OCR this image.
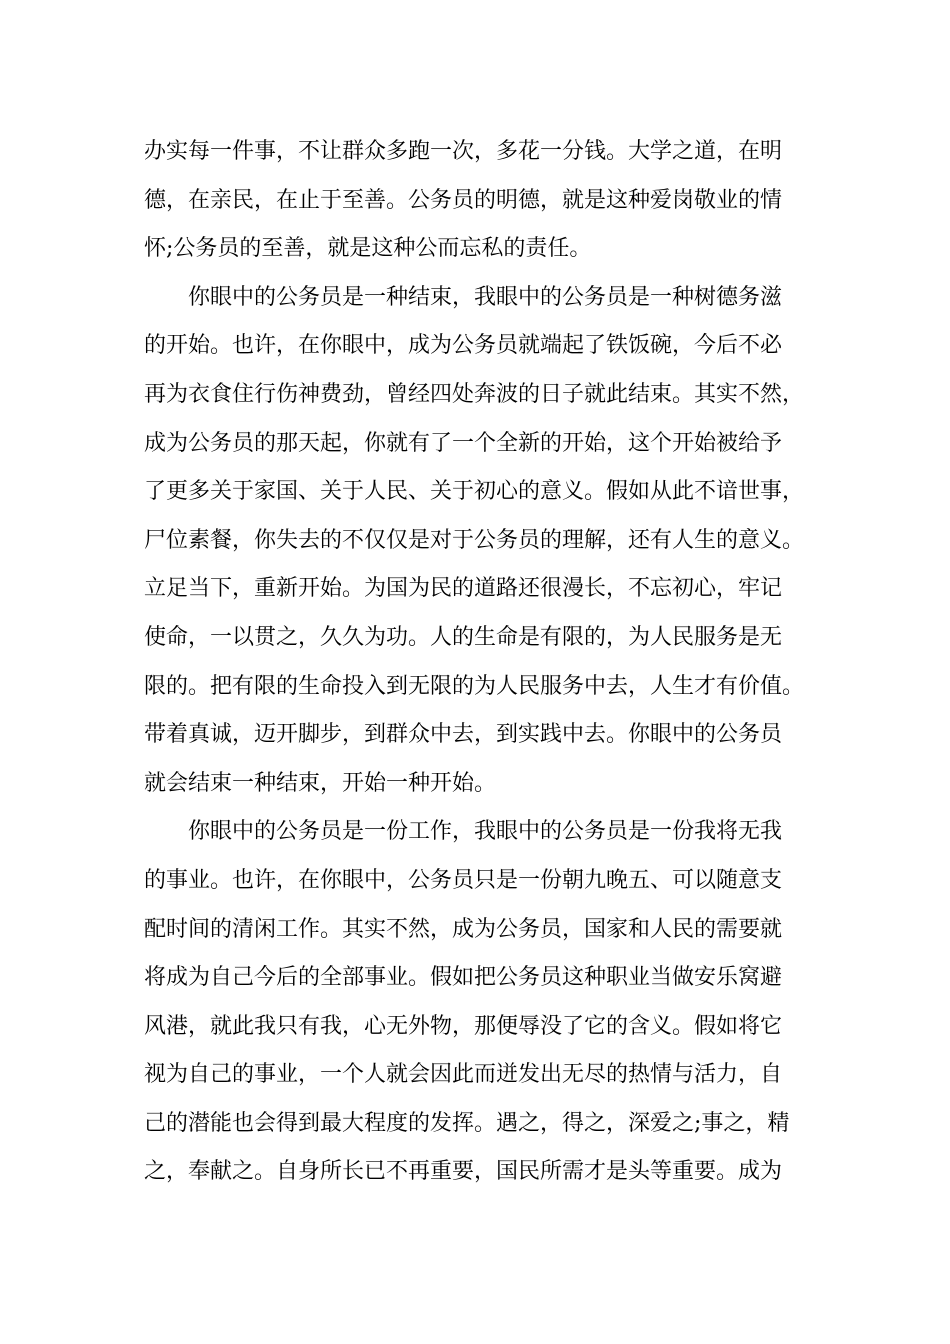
办实每一件事，不让群众多跑一次，多花一分钱。大学之道，在明
德，在亲民，在止于至善。公务员的明德，就是这种爱岗敬业的情
怀;公务员的至善，就是这种公而忘私的责任。

　　你眼中的公务员是一种结束，我眼中的公务员是一种树德务滋
的开始。也许，在你眼中，成为公务员就端起了铁饭碗，今后不必
再为衣食住行伤神费劲，曾经四处奔波的日子就此结束。其实不然，
成为公务员的那天起，你就有了一个全新的开始，这个开始被给予
了更多关于家国、关于人民、关于初心的意义。假如从此不谙世事，
尸位素餐，你失去的不仅仅是对于公务员的理解，还有人生的意义。
立足当下，重新开始。为国为民的道路还很漫长，不忘初心，牢记
使命，一以贯之，久久为功。人的生命是有限的，为人民服务是无
限的。把有限的生命投入到无限的为人民服务中去，人生才有价值。
带着真诚，迈开脚步，到群众中去，到实践中去。你眼中的公务员
就会结束一种结束，开始一种开始。

　　你眼中的公务员是一份工作，我眼中的公务员是一份我将无我
的事业。也许，在你眼中，公务员只是一份朝九晚五、可以随意支
配时间的清闲工作。其实不然，成为公务员，国家和人民的需要就
将成为自己今后的全部事业。假如把公务员这种职业当做安乐窝避
风港，就此我只有我，心无外物，那便辱没了它的含义。假如将它
视为自己的事业，一个人就会因此而迸发出无尽的热情与活力，自
己的潜能也会得到最大程度的发挥。遇之，得之，深爱之;事之，精
之，奉献之。自身所长已不再重要，国民所需才是头等重要。成为
